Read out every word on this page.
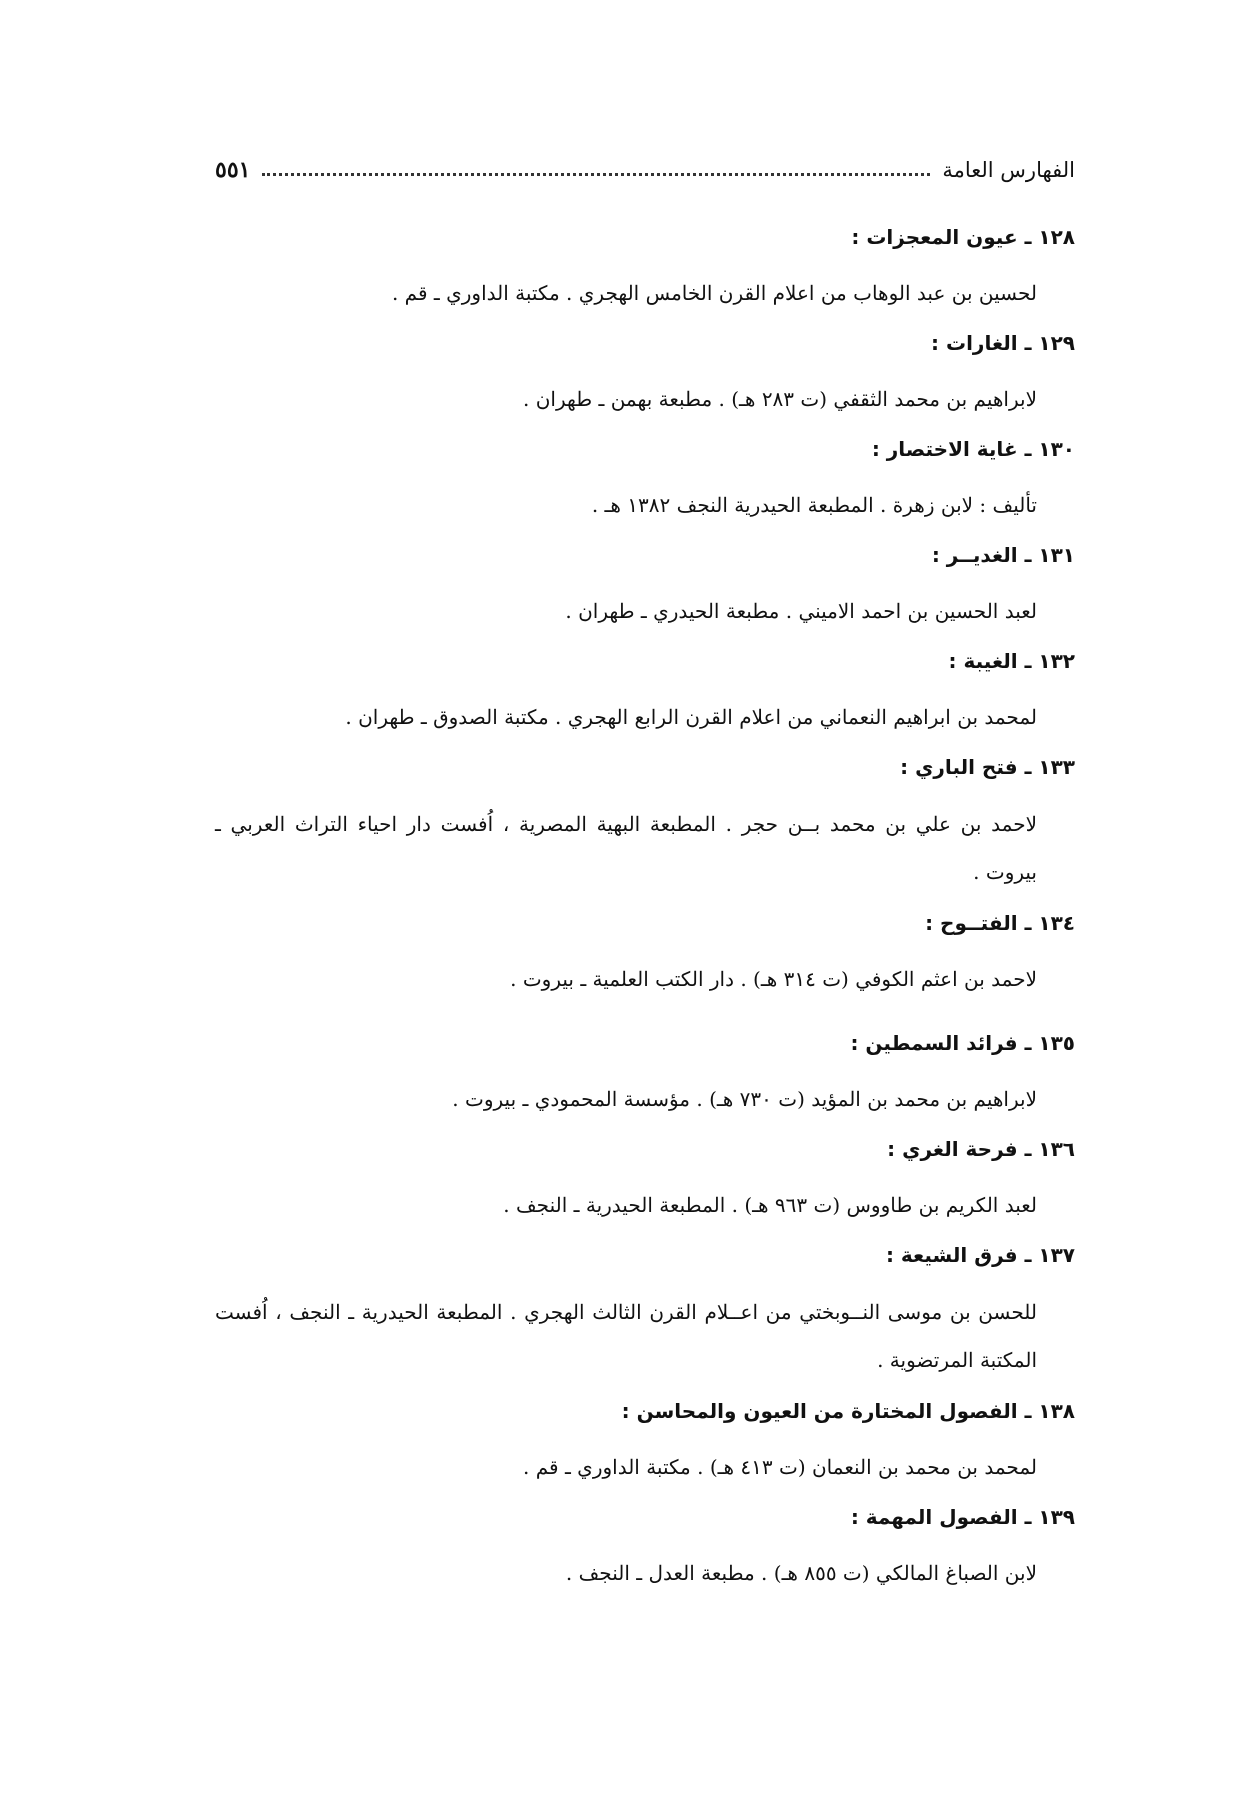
الفهارس العامة
٥٥١
١٢٨ ـ عيون المعجزات :
لحسين بن عبد الوهاب من اعلام القرن الخامس الهجري . مكتبة الداوري ـ قم .
١٢٩ ـ الغارات :
لابراهيم بن محمد الثقفي (ت ٢٨٣ هـ) . مطبعة بهمن ـ طهران .
١٣٠ ـ غاية الاختصار :
تأليف : لابن زهرة . المطبعة الحيدرية النجف ١٣٨٢ هـ .
١٣١ ـ الغديــر :
لعبد الحسين بن احمد الاميني . مطبعة الحيدري ـ طهران .
١٣٢ ـ الغيبة :
لمحمد بن ابراهيم النعماني من اعلام القرن الرابع الهجري . مكتبة الصدوق ـ طهران .
١٣٣ ـ فتح الباري :
لاحمد بن علي بن محمد بــن حجر . المطبعة البهية المصرية ، اُفست دار احياء التراث العربي ـ بيروت .
١٣٤ ـ الفتــوح :
لاحمد بن اعثم الكوفي (ت ٣١٤ هـ) . دار الكتب العلمية ـ بيروت .
١٣٥ ـ فرائد السمطين :
لابراهيم بن محمد بن المؤيد (ت ٧٣٠ هـ) . مؤسسة المحمودي ـ بيروت .
١٣٦ ـ فرحة الغري :
لعبد الكريم بن طاووس (ت ٩٦٣ هـ) . المطبعة الحيدرية ـ النجف .
١٣٧ ـ فرق الشيعة :
للحسن بن موسى النــوبختي من اعــلام القرن الثالث الهجري . المطبعة الحيدرية ـ النجف ، اُفست المكتبة المرتضوية .
١٣٨ ـ الفصول المختارة من العيون والمحاسن :
لمحمد بن محمد بن النعمان (ت ٤١٣ هـ) . مكتبة الداوري ـ قم .
١٣٩ ـ الفصول المهمة :
لابن الصباغ المالكي (ت ٨٥٥ هـ) . مطبعة العدل ـ النجف .
